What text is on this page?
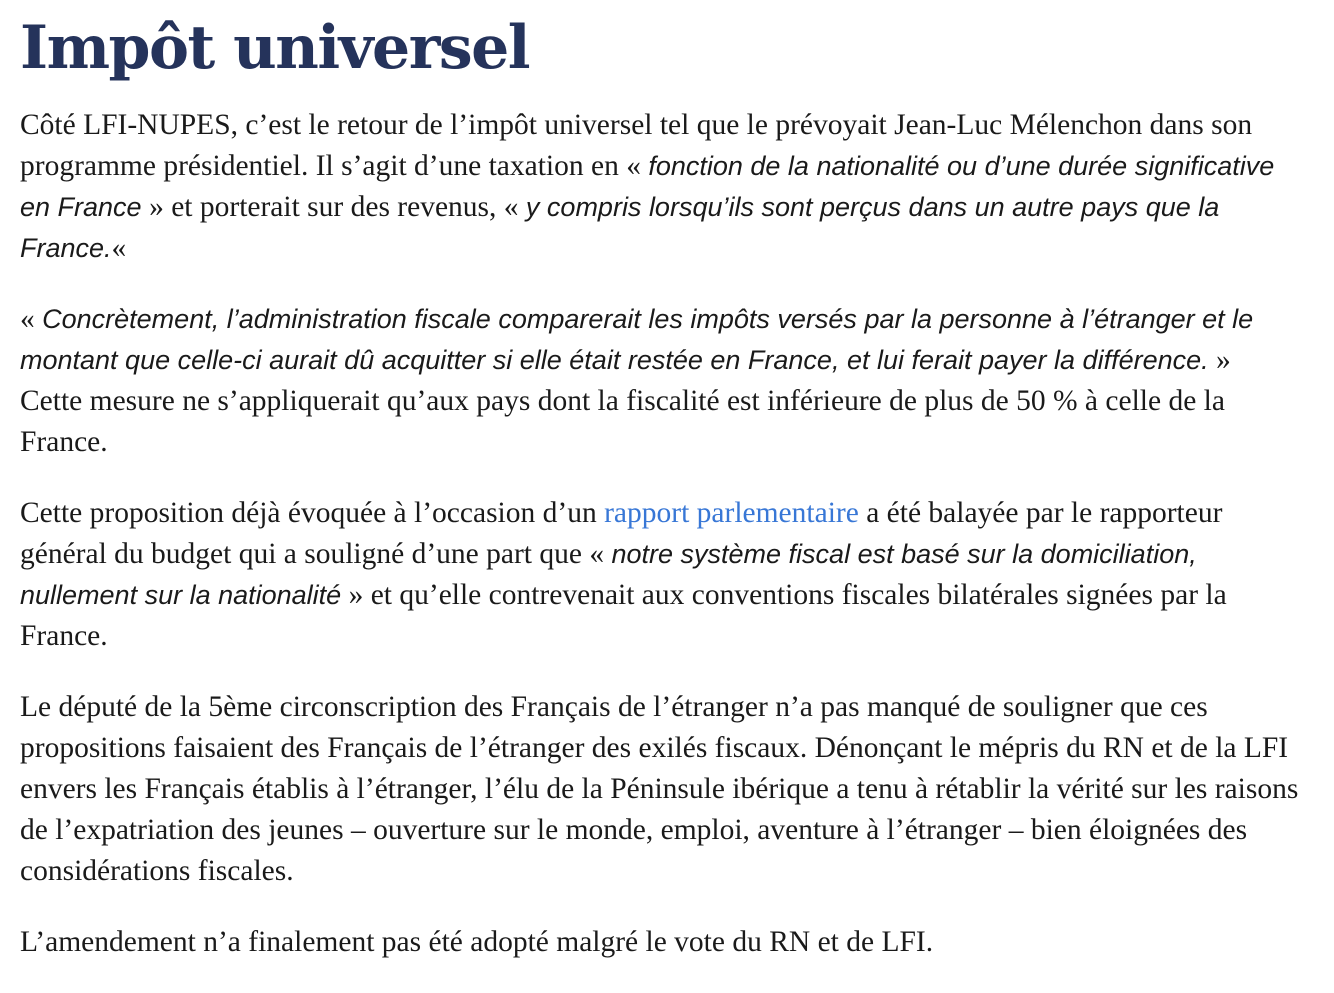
Impôt universel

Côté LFI-NUPES, c’est le retour de l’impôt universel tel que le prévoyait Jean-Luc Mélenchon dans son programme présidentiel. Il s’agit d’une taxation en « fonction de la nationalité ou d’une durée significative en France » et porterait sur des revenus, « y compris lorsqu’ils sont perçus dans un autre pays que la France.«

« Concrètement, l’administration fiscale comparerait les impôts versés par la personne à l’étranger et le montant que celle-ci aurait dû acquitter si elle était restée en France, et lui ferait payer la différence. » Cette mesure ne s’appliquerait qu’aux pays dont la fiscalité est inférieure de plus de 50 % à celle de la France.

Cette proposition déjà évoquée à l’occasion d’un rapport parlementaire a été balayée par le rapporteur général du budget qui a souligné d’une part que « notre système fiscal est basé sur la domiciliation, nullement sur la nationalité » et qu’elle contrevenait aux conventions fiscales bilatérales signées par la France.

Le député de la 5ème circonscription des Français de l’étranger n’a pas manqué de souligner que ces propositions faisaient des Français de l’étranger des exilés fiscaux. Dénonçant le mépris du RN et de la LFI envers les Français établis à l’étranger, l’élu de la Péninsule ibérique a tenu à rétablir la vérité sur les raisons de l’expatriation des jeunes – ouverture sur le monde, emploi, aventure à l’étranger – bien éloignées des considérations fiscales.

L’amendement n’a finalement pas été adopté malgré le vote du RN et de LFI.
